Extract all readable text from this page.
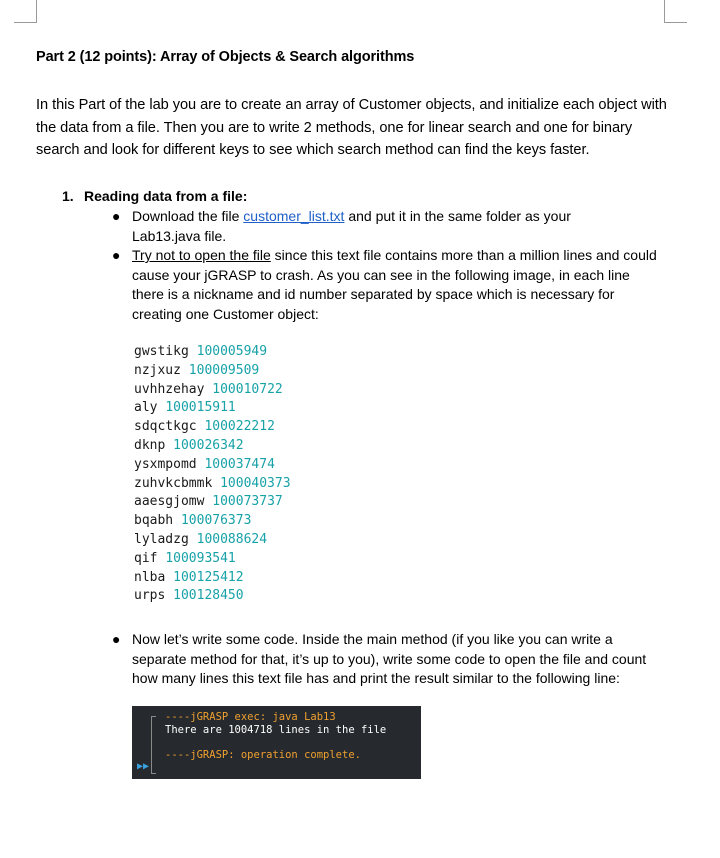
Part 2 (12 points): Array of Objects & Search algorithms
In this Part of the lab you are to create an array of Customer objects, and initialize each object with the data from a file. Then you are to write 2 methods, one for linear search and one for binary search and look for different keys to see which search method can find the keys faster.
1. Reading data from a file:
● Download the file customer_list.txt and put it in the same folder as your Lab13.java file.
● Try not to open the file since this text file contains more than a million lines and could cause your jGRASP to crash. As you can see in the following image, in each line there is a nickname and id number separated by space which is necessary for creating one Customer object:
gwstikg 100005949
nzjxuz 100009509
uvhhzehay 100010722
aly 100015911
sdqctkgc 100022212
dknp 100026342
ysxmpomd 100037474
zuhvkcbmmk 100040373
aaesgjomw 100073737
bqabh 100076373
lyladzg 100088624
qif 100093541
nlba 100125412
urps 100128450
● Now let’s write some code. Inside the main method (if you like you can write a separate method for that, it’s up to you), write some code to open the file and count how many lines this text file has and print the result similar to the following line:
----jGRASP exec: java Lab13
There are 1004718 lines in the file
----jGRASP: operation complete.
▶▶
